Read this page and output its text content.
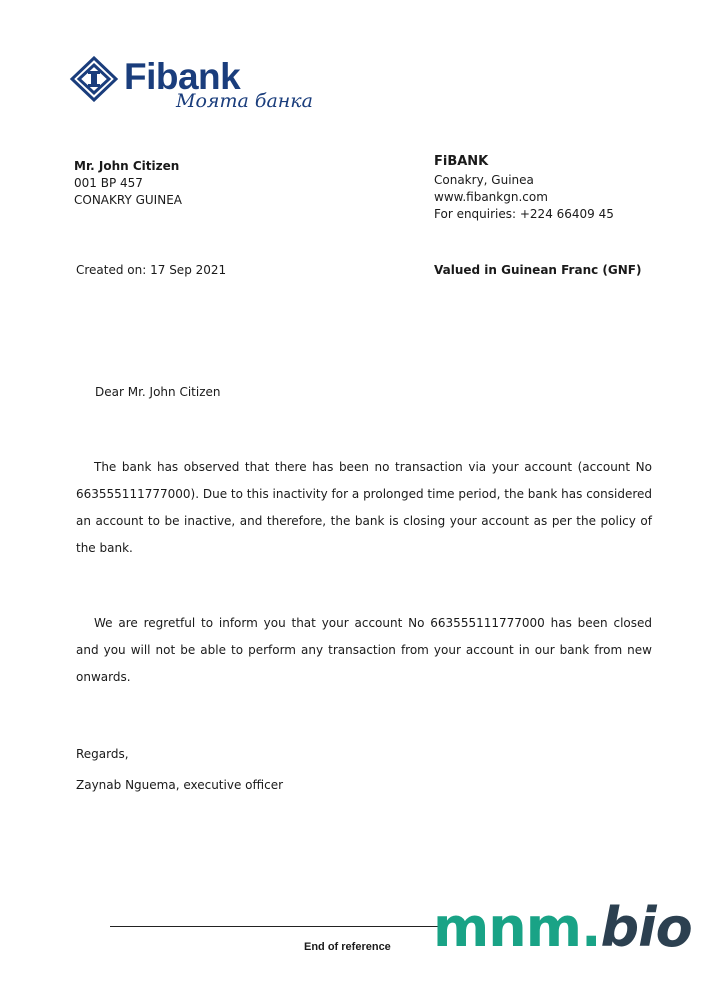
Fibank
Моята банка
Mr. John Citizen
001 BP 457
CONAKRY GUINEA
FiBANK
Conakry, Guinea
www.fibankgn.com
For enquiries: +224 66409 45
Created on: 17 Sep 2021	Valued in Guinean Franc (GNF)
Dear Mr. John Citizen
The bank has observed that there has been no transaction via your account (account No 663555111777000). Due to this inactivity for a prolonged time period, the bank has considered an account to be inactive, and therefore, the bank is closing your account as per the policy of the bank.
We are regretful to inform you that your account No 663555111777000 has been closed and you will not be able to perform any transaction from your account in our bank from new onwards.
Regards,
Zaynab Nguema, executive officer
End of reference mnm.bio
